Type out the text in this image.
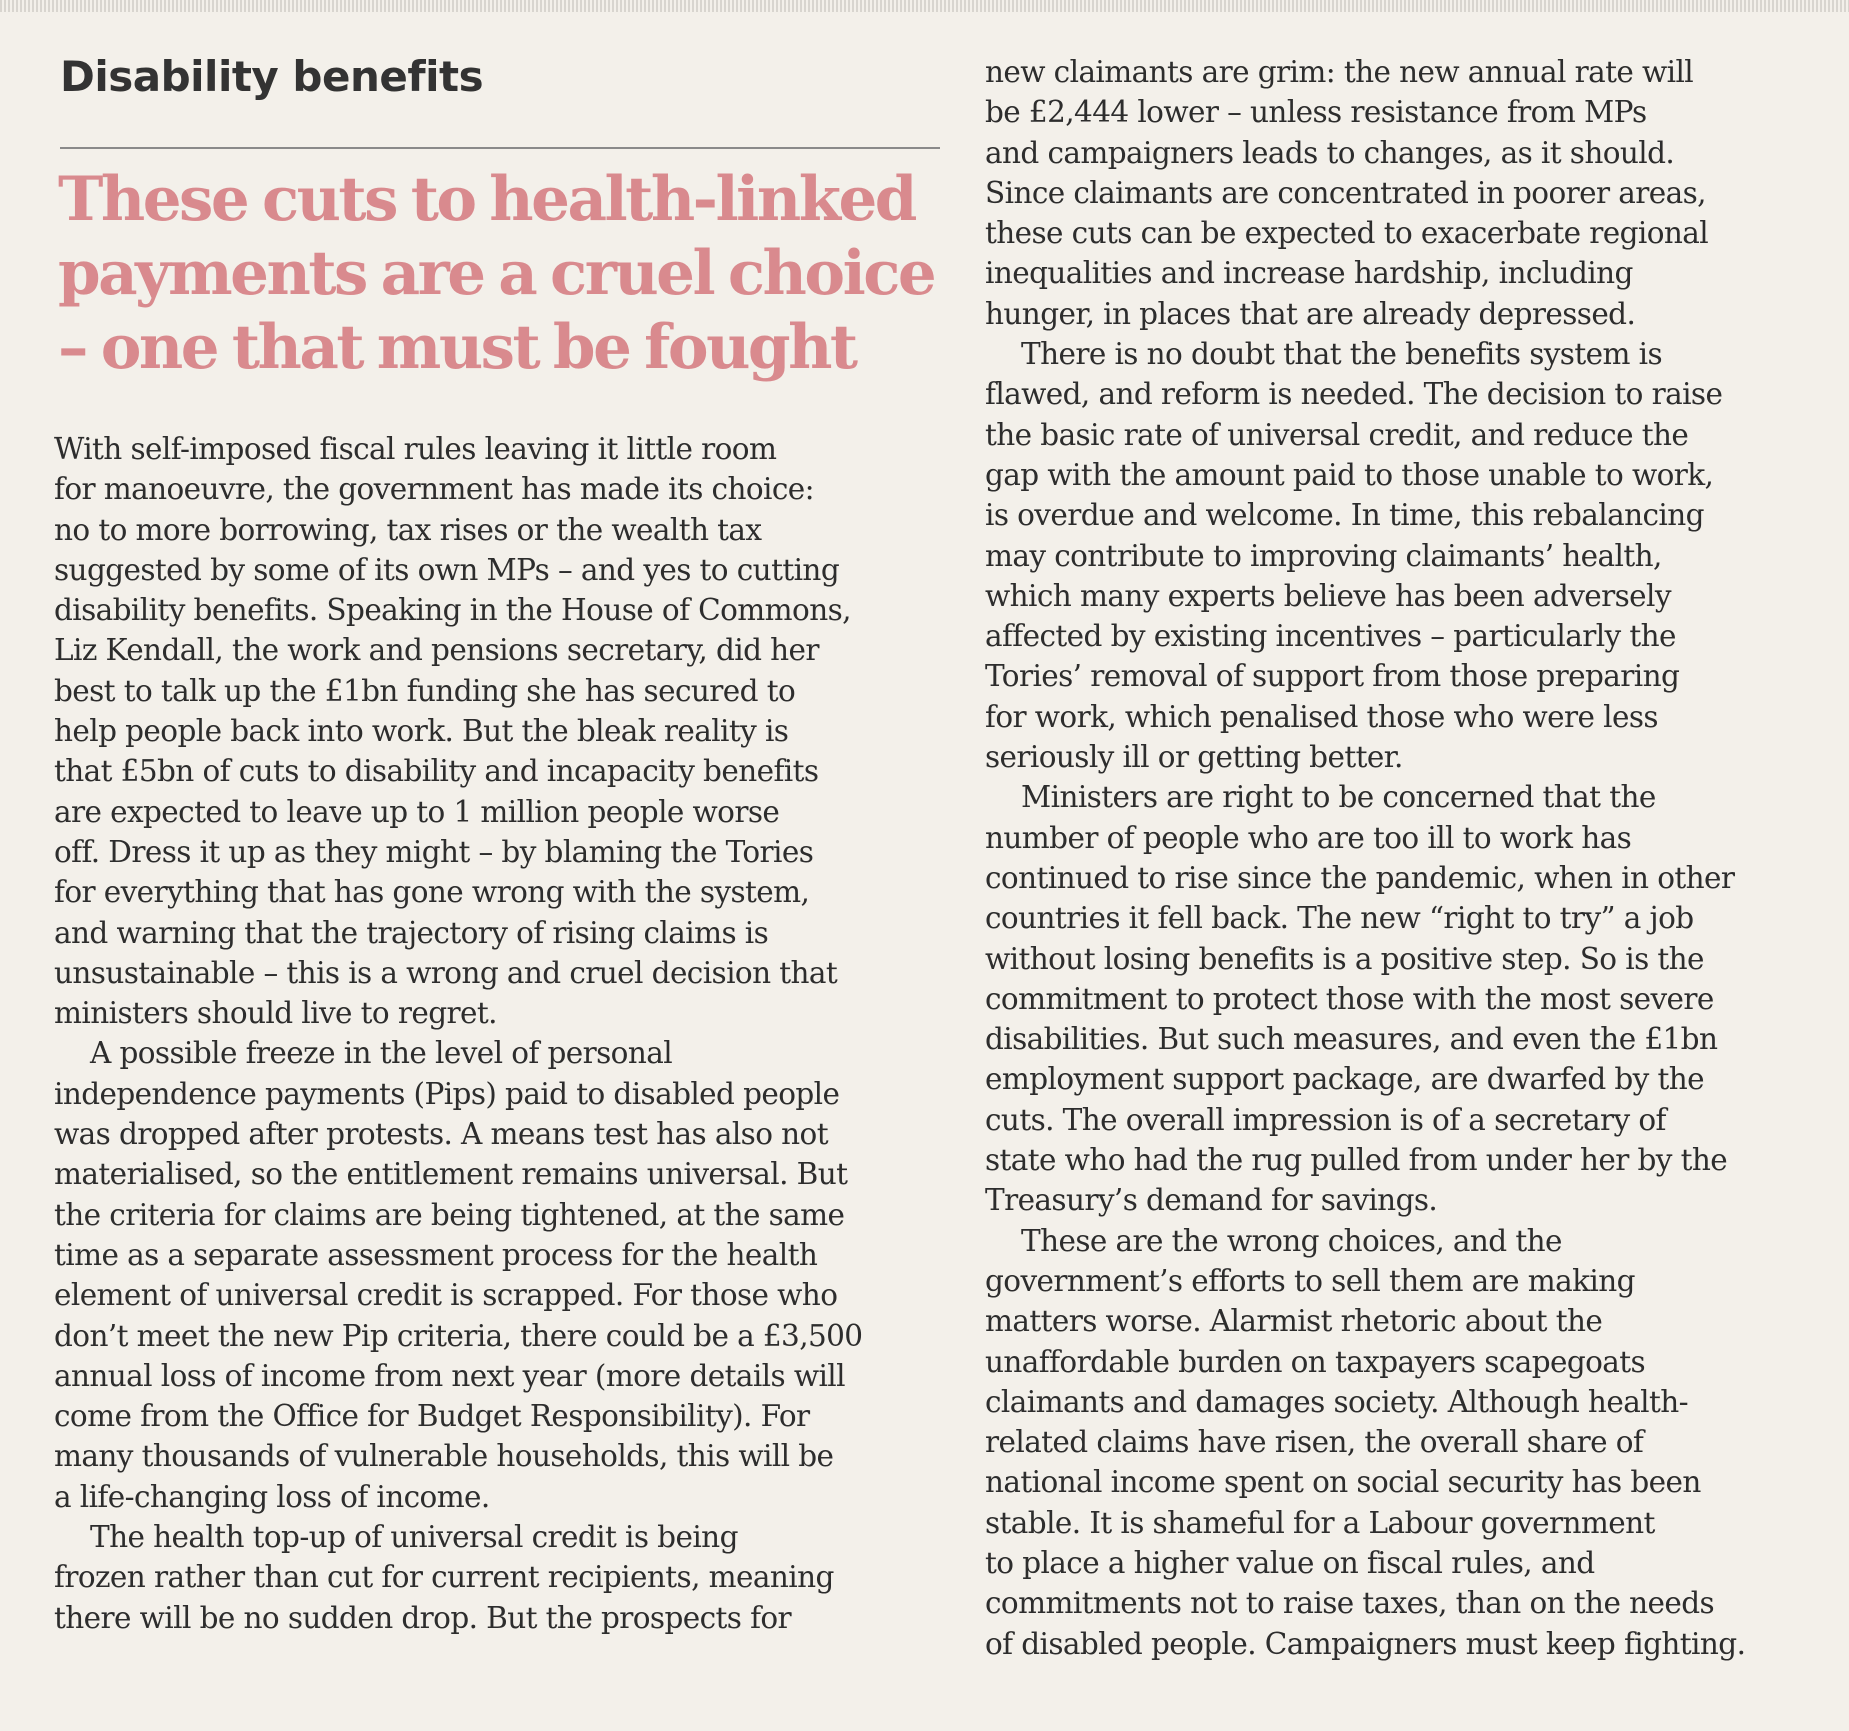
Disability benefits
These cuts to health-linked
payments are a cruel choice
– one that must be fought

With self-imposed fiscal rules leaving it little room
for manoeuvre, the government has made its choice:
no to more borrowing, tax rises or the wealth tax
suggested by some of its own MPs – and yes to cutting
disability benefits. Speaking in the House of Commons,
Liz Kendall, the work and pensions secretary, did her
best to talk up the £1bn funding she has secured to
help people back into work. But the bleak reality is
that £5bn of cuts to disability and incapacity benefits
are expected to leave up to 1 million people worse
off. Dress it up as they might – by blaming the Tories
for everything that has gone wrong with the system,
and warning that the trajectory of rising claims is
unsustainable – this is a wrong and cruel decision that
ministers should live to regret.

A possible freeze in the level of personal
independence payments (Pips) paid to disabled people
was dropped after protests. A means test has also not
materialised, so the entitlement remains universal. But
the criteria for claims are being tightened, at the same
time as a separate assessment process for the health
element of universal credit is scrapped. For those who
don’t meet the new Pip criteria, there could be a £3,500
annual loss of income from next year (more details will
come from the Office for Budget Responsibility). For
many thousands of vulnerable households, this will be
a life-changing loss of income.

The health top-up of universal credit is being
frozen rather than cut for current recipients, meaning
there will be no sudden drop. But the prospects for

new claimants are grim: the new annual rate will
be £2,444 lower – unless resistance from MPs
and campaigners leads to changes, as it should.
Since claimants are concentrated in poorer areas,
these cuts can be expected to exacerbate regional
inequalities and increase hardship, including
hunger, in places that are already depressed.

There is no doubt that the benefits system is
flawed, and reform is needed. The decision to raise
the basic rate of universal credit, and reduce the
gap with the amount paid to those unable to work,
is overdue and welcome. In time, this rebalancing
may contribute to improving claimants’ health,
which many experts believe has been adversely
affected by existing incentives – particularly the
Tories’ removal of support from those preparing
for work, which penalised those who were less
seriously ill or getting better.

Ministers are right to be concerned that the
number of people who are too ill to work has
continued to rise since the pandemic, when in other
countries it fell back. The new “right to try” a job
without losing benefits is a positive step. So is the
commitment to protect those with the most severe
disabilities. But such measures, and even the £1bn
employment support package, are dwarfed by the
cuts. The overall impression is of a secretary of
state who had the rug pulled from under her by the
Treasury’s demand for savings.

These are the wrong choices, and the
government’s efforts to sell them are making
matters worse. Alarmist rhetoric about the
unaffordable burden on taxpayers scapegoats
claimants and damages society. Although health-
related claims have risen, the overall share of
national income spent on social security has been
stable. It is shameful for a Labour government
to place a higher value on fiscal rules, and
commitments not to raise taxes, than on the needs
of disabled people. Campaigners must keep fighting.
